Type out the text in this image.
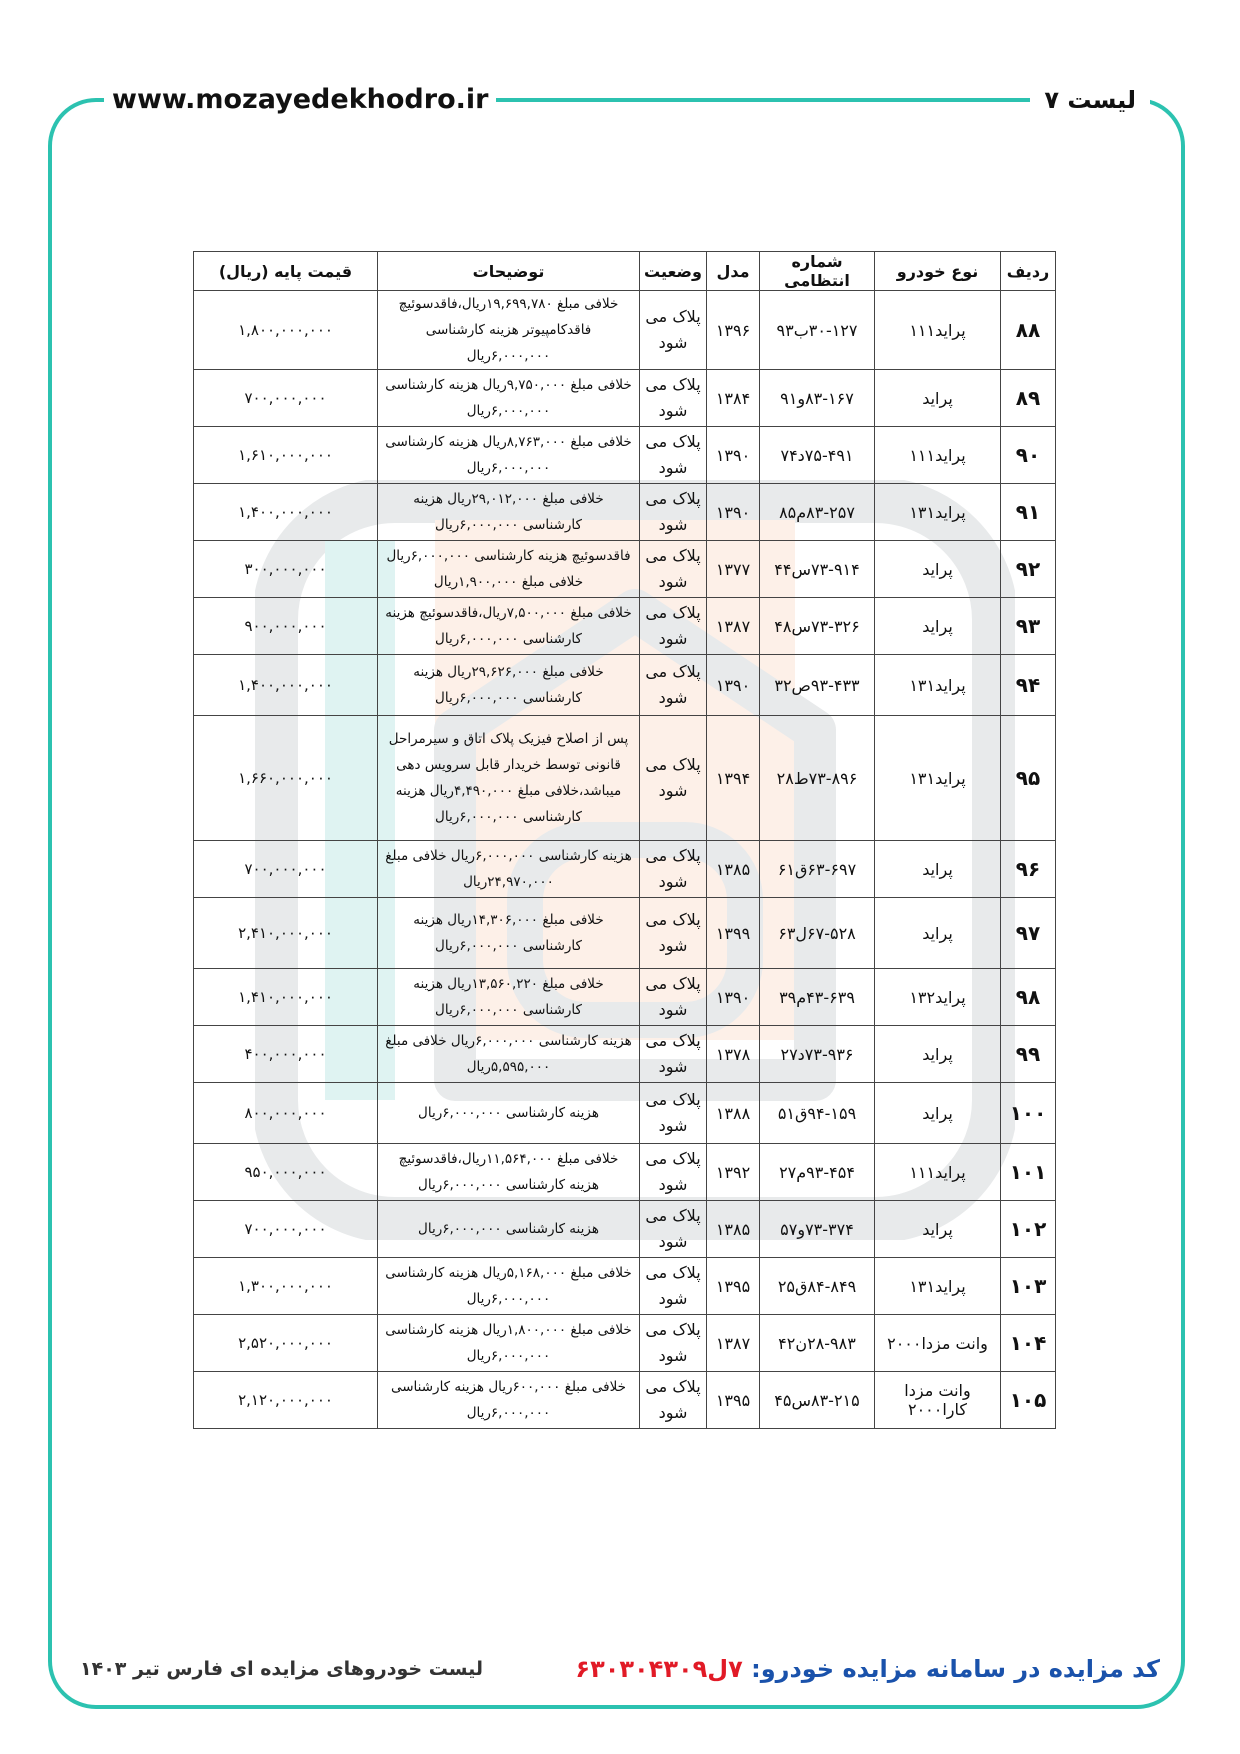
www.mozayedekhodro.ir	لیست ۷
ردیف	نوع خودرو	شماره انتظامی	مدل	وضعیت	توضیحات	قیمت پایه (ریال)
۸۸	پراید۱۱۱	۳۰-۱۲۷ب۹۳	۱۳۹۶	پلاک می شود	خلافی مبلغ ۱۹,۶۹۹,۷۸۰ریال،فاقدسوئیچ فاقدکامپیوتر هزینه کارشناسی ۶,۰۰۰,۰۰۰ریال	۱,۸۰۰,۰۰۰,۰۰۰
۸۹	پراید	۸۳-۱۶۷و۹۱	۱۳۸۴	پلاک می شود	خلافی مبلغ ۹,۷۵۰,۰۰۰ریال هزینه کارشناسی ۶,۰۰۰,۰۰۰ریال	۷۰۰,۰۰۰,۰۰۰
۹۰	پراید۱۱۱	۷۵-۴۹۱د۷۴	۱۳۹۰	پلاک می شود	خلافی مبلغ ۸,۷۶۳,۰۰۰ریال هزینه کارشناسی ۶,۰۰۰,۰۰۰ریال	۱,۶۱۰,۰۰۰,۰۰۰
۹۱	پراید۱۳۱	۸۳-۲۵۷م۸۵	۱۳۹۰	پلاک می شود	خلافی مبلغ ۲۹,۰۱۲,۰۰۰ریال هزینه کارشناسی ۶,۰۰۰,۰۰۰ریال	۱,۴۰۰,۰۰۰,۰۰۰
۹۲	پراید	۷۳-۹۱۴س۴۴	۱۳۷۷	پلاک می شود	فاقدسوئیچ هزینه کارشناسی ۶,۰۰۰,۰۰۰ریال خلافی مبلغ ۱,۹۰۰,۰۰۰ریال	۳۰۰,۰۰۰,۰۰۰
۹۳	پراید	۷۳-۳۲۶س۴۸	۱۳۸۷	پلاک می شود	خلافی مبلغ ۷,۵۰۰,۰۰۰ریال،فاقدسوئیچ هزینه کارشناسی ۶,۰۰۰,۰۰۰ریال	۹۰۰,۰۰۰,۰۰۰
۹۴	پراید۱۳۱	۹۳-۴۳۳ص۳۲	۱۳۹۰	پلاک می شود	خلافی مبلغ ۲۹,۶۲۶,۰۰۰ریال هزینه کارشناسی ۶,۰۰۰,۰۰۰ریال	۱,۴۰۰,۰۰۰,۰۰۰
۹۵	پراید۱۳۱	۷۳-۸۹۶ط۲۸	۱۳۹۴	پلاک می شود	پس از اصلاح فیزیک پلاک اتاق و سیرمراحل قانونی توسط خریدار قابل سرویس دهی میباشد،خلافی مبلغ ۴,۴۹۰,۰۰۰ریال هزینه کارشناسی ۶,۰۰۰,۰۰۰ریال	۱,۶۶۰,۰۰۰,۰۰۰
۹۶	پراید	۶۳-۶۹۷ق۶۱	۱۳۸۵	پلاک می شود	هزینه کارشناسی ۶,۰۰۰,۰۰۰ریال خلافی مبلغ ۲۴,۹۷۰,۰۰۰ریال	۷۰۰,۰۰۰,۰۰۰
۹۷	پراید	۶۷-۵۲۸ل۶۳	۱۳۹۹	پلاک می شود	خلافی مبلغ ۱۴,۳۰۶,۰۰۰ریال هزینه کارشناسی ۶,۰۰۰,۰۰۰ریال	۲,۴۱۰,۰۰۰,۰۰۰
۹۸	پراید۱۳۲	۴۳-۶۳۹م۳۹	۱۳۹۰	پلاک می شود	خلافی مبلغ ۱۳,۵۶۰,۲۲۰ریال هزینه کارشناسی ۶,۰۰۰,۰۰۰ریال	۱,۴۱۰,۰۰۰,۰۰۰
۹۹	پراید	۷۳-۹۳۶د۲۷	۱۳۷۸	پلاک می شود	هزینه کارشناسی ۶,۰۰۰,۰۰۰ریال خلافی مبلغ ۵,۵۹۵,۰۰۰ریال	۴۰۰,۰۰۰,۰۰۰
۱۰۰	پراید	۹۴-۱۵۹ق۵۱	۱۳۸۸	پلاک می شود	هزینه کارشناسی ۶,۰۰۰,۰۰۰ریال	۸۰۰,۰۰۰,۰۰۰
۱۰۱	پراید۱۱۱	۹۳-۴۵۴م۲۷	۱۳۹۲	پلاک می شود	خلافی مبلغ ۱۱,۵۶۴,۰۰۰ریال،فاقدسوئیچ هزینه کارشناسی ۶,۰۰۰,۰۰۰ریال	۹۵۰,۰۰۰,۰۰۰
۱۰۲	پراید	۷۳-۳۷۴و۵۷	۱۳۸۵	پلاک می شود	هزینه کارشناسی ۶,۰۰۰,۰۰۰ریال	۷۰۰,۰۰۰,۰۰۰
۱۰۳	پراید۱۳۱	۸۴-۸۴۹ق۲۵	۱۳۹۵	پلاک می شود	خلافی مبلغ ۵,۱۶۸,۰۰۰ریال هزینه کارشناسی ۶,۰۰۰,۰۰۰ریال	۱,۳۰۰,۰۰۰,۰۰۰
۱۰۴	وانت مزدا۲۰۰۰	۲۸-۹۸۳ن۴۲	۱۳۸۷	پلاک می شود	خلافی مبلغ ۱,۸۰۰,۰۰۰ریال هزینه کارشناسی ۶,۰۰۰,۰۰۰ریال	۲,۵۲۰,۰۰۰,۰۰۰
۱۰۵	وانت مزدا کارا۲۰۰۰	۸۳-۲۱۵س۴۵	۱۳۹۵	پلاک می شود	خلافی مبلغ ۶۰۰,۰۰۰ریال هزینه کارشناسی ۶,۰۰۰,۰۰۰ریال	۲,۱۲۰,۰۰۰,۰۰۰
کد مزایده در سامانه مزایده خودرو: ۷ل۶۳۰۳۰۴۳۰۹
لیست خودروهای مزایده ای فارس تیر ۱۴۰۳
